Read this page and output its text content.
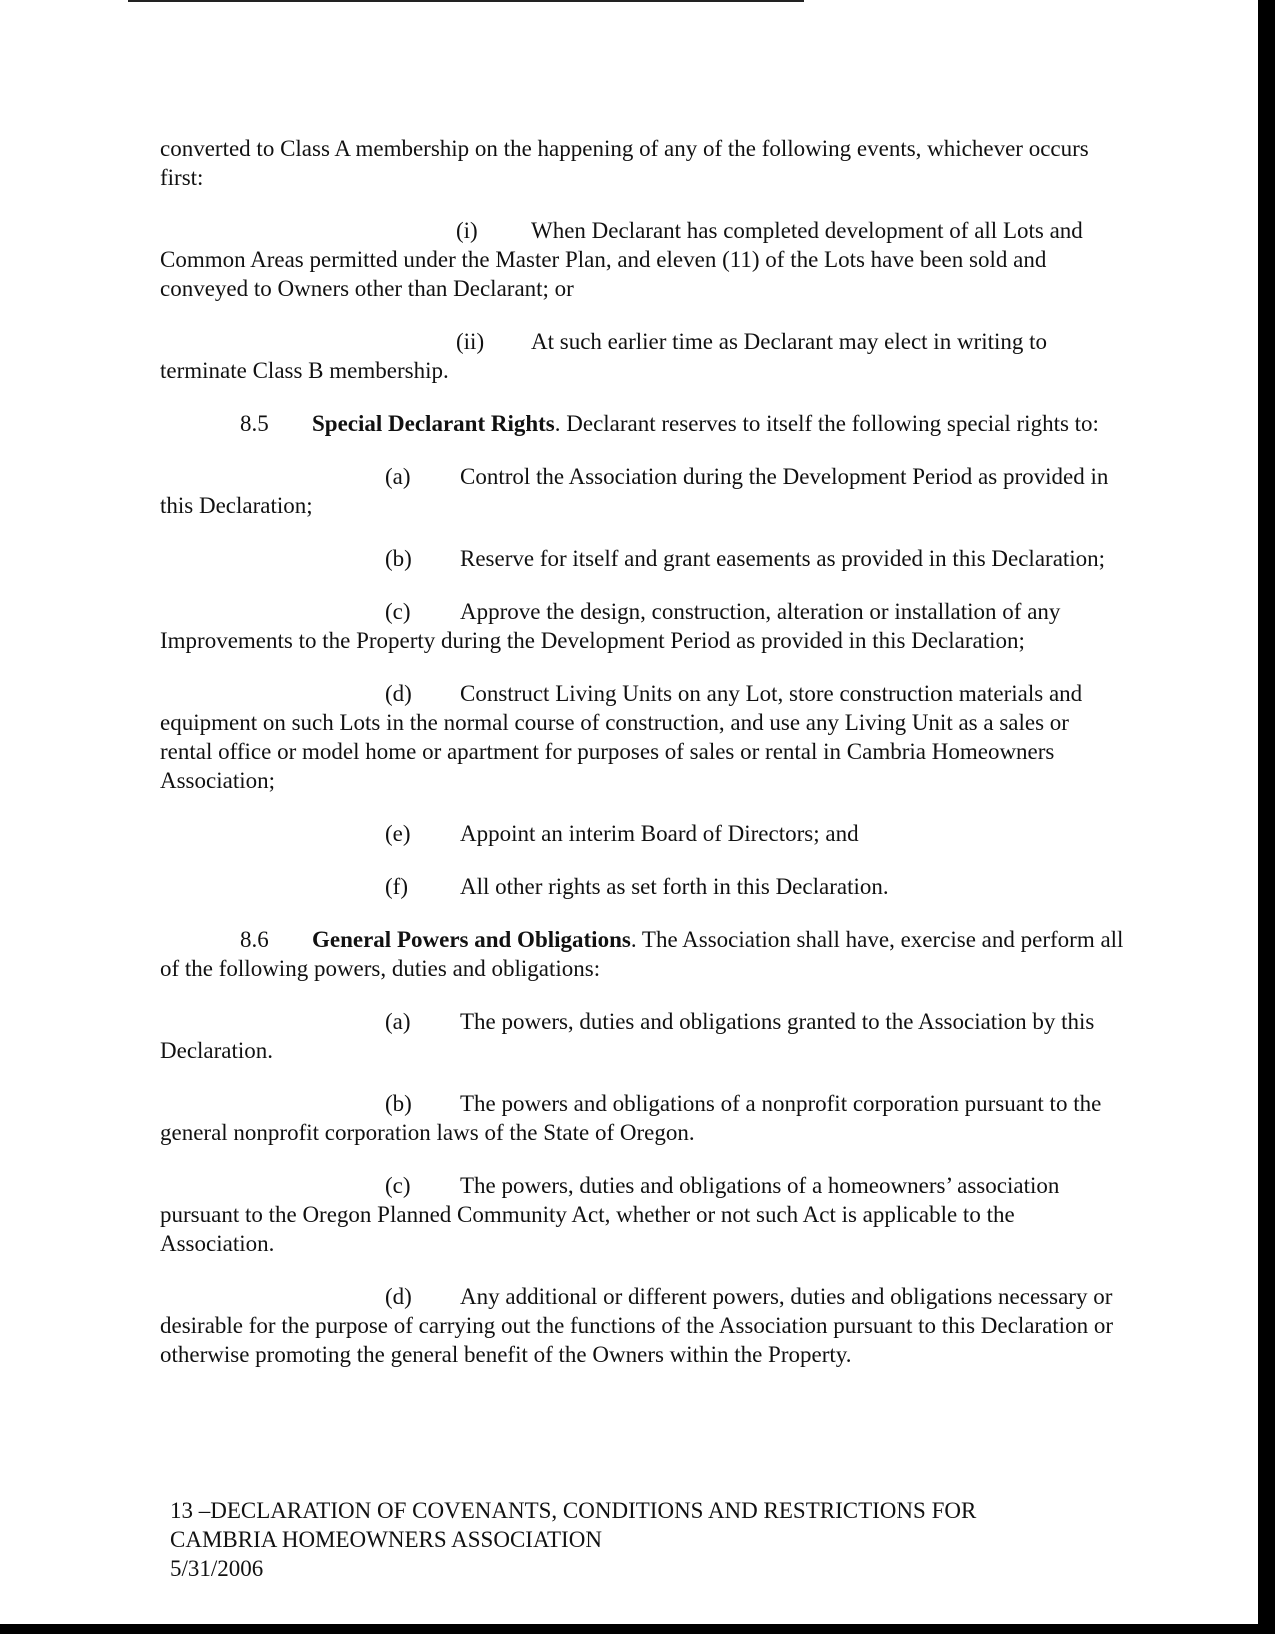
converted to Class A membership on the happening of any of the following events, whichever occurs first:

(i) When Declarant has completed development of all Lots and Common Areas permitted under the Master Plan, and eleven (11) of the Lots have been sold and conveyed to Owners other than Declarant; or

(ii) At such earlier time as Declarant may elect in writing to terminate Class B membership.

8.5 Special Declarant Rights. Declarant reserves to itself the following special rights to:

(a) Control the Association during the Development Period as provided in this Declaration;

(b) Reserve for itself and grant easements as provided in this Declaration;

(c) Approve the design, construction, alteration or installation of any Improvements to the Property during the Development Period as provided in this Declaration;

(d) Construct Living Units on any Lot, store construction materials and equipment on such Lots in the normal course of construction, and use any Living Unit as a sales or rental office or model home or apartment for purposes of sales or rental in Cambria Homeowners Association;

(e) Appoint an interim Board of Directors; and

(f) All other rights as set forth in this Declaration.

8.6 General Powers and Obligations. The Association shall have, exercise and perform all of the following powers, duties and obligations:

(a) The powers, duties and obligations granted to the Association by this Declaration.

(b) The powers and obligations of a nonprofit corporation pursuant to the general nonprofit corporation laws of the State of Oregon.

(c) The powers, duties and obligations of a homeowners’ association pursuant to the Oregon Planned Community Act, whether or not such Act is applicable to the Association.

(d) Any additional or different powers, duties and obligations necessary or desirable for the purpose of carrying out the functions of the Association pursuant to this Declaration or otherwise promoting the general benefit of the Owners within the Property.

13 –DECLARATION OF COVENANTS, CONDITIONS AND RESTRICTIONS FOR
CAMBRIA HOMEOWNERS ASSOCIATION
5/31/2006
